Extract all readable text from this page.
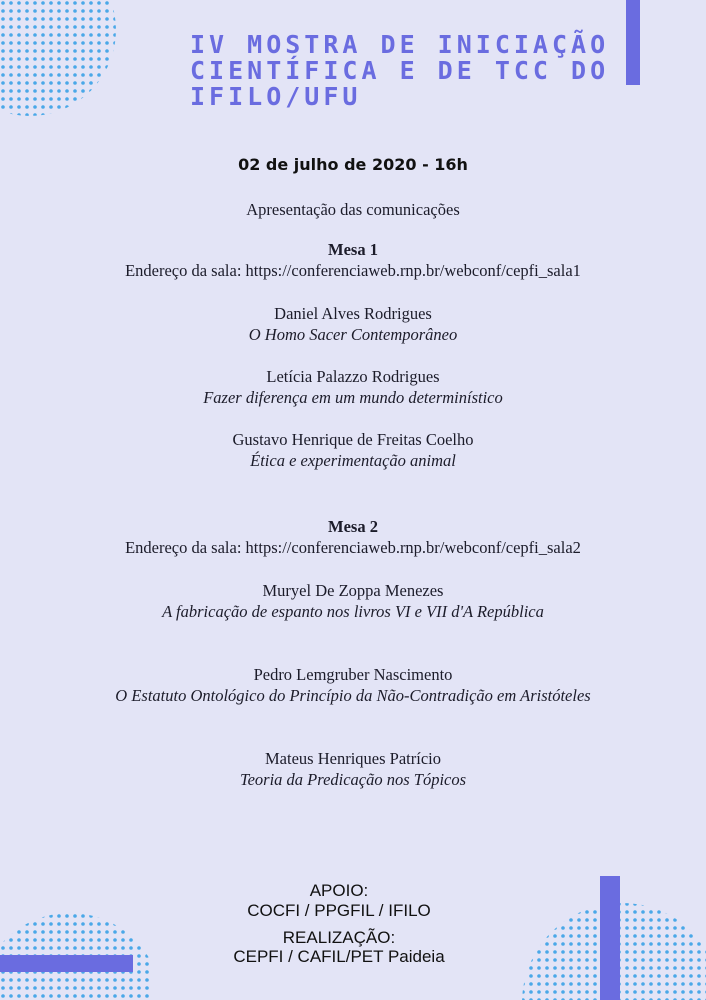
IV MOSTRA DE INICIAÇÃO
CIENTÍFICA E DE TCC DO
IFILO/UFU
02 de julho de 2020 - 16h
Apresentação das comunicações
Mesa 1
Endereço da sala: https://conferenciaweb.rnp.br/webconf/cepfi_sala1
Daniel Alves Rodrigues
O Homo Sacer Contemporâneo
Letícia Palazzo Rodrigues
Fazer diferença em um mundo determinístico
Gustavo Henrique de Freitas Coelho
Ética e experimentação animal
Mesa 2
Endereço da sala: https://conferenciaweb.rnp.br/webconf/cepfi_sala2
Muryel De Zoppa Menezes
A fabricação de espanto nos livros VI e VII d'A República
Pedro Lemgruber Nascimento
O Estatuto Ontológico do Princípio da Não-Contradição em Aristóteles
Mateus Henriques Patrício
Teoria da Predicação nos Tópicos
APOIO:
COCFI / PPGFIL / IFILO
REALIZAÇÃO:
CEPFI / CAFIL/PET Paideia
